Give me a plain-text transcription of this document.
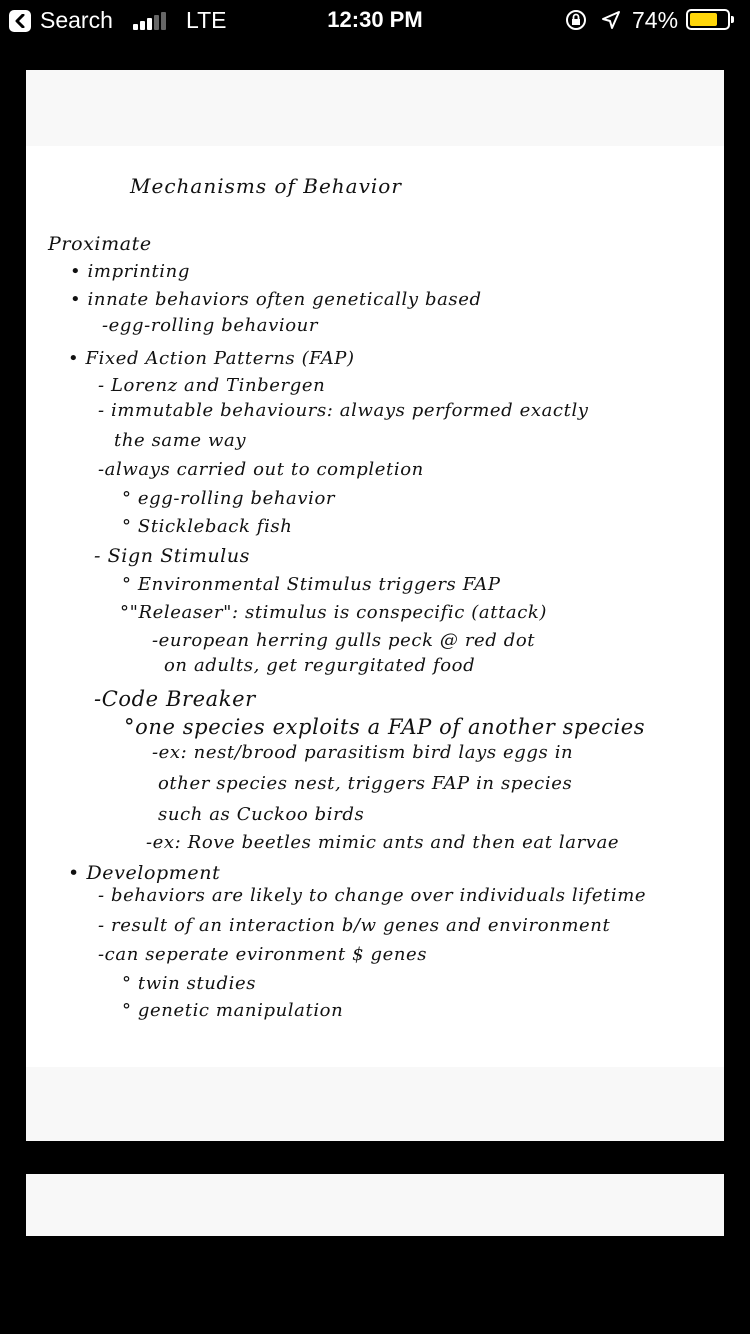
Search	LTE	12:30 PM	74%
Mechanisms of Behavior
Proximate
• imprinting
• innate behaviors often genetically based
-egg-rolling behaviour
• Fixed Action Patterns (FAP)
- Lorenz and Tinbergen
- immutable behaviours: always performed exactly
the same way
-always carried out to completion
° egg-rolling behavior
° Stickleback fish
- Sign Stimulus
° Environmental Stimulus triggers FAP
°"Releaser": stimulus is conspecific (attack)
-european herring gulls peck @ red dot
on adults, get regurgitated food
-Code Breaker
°one species exploits a FAP of another species
-ex: nest/brood parasitism bird lays eggs in
other species nest, triggers FAP in species
such as Cuckoo birds
-ex: Rove beetles mimic ants and then eat larvae
• Development
- behaviors are likely to change over individuals lifetime
- result of an interaction b/w genes and environment
-can seperate evironment $ genes
° twin studies
° genetic manipulation
